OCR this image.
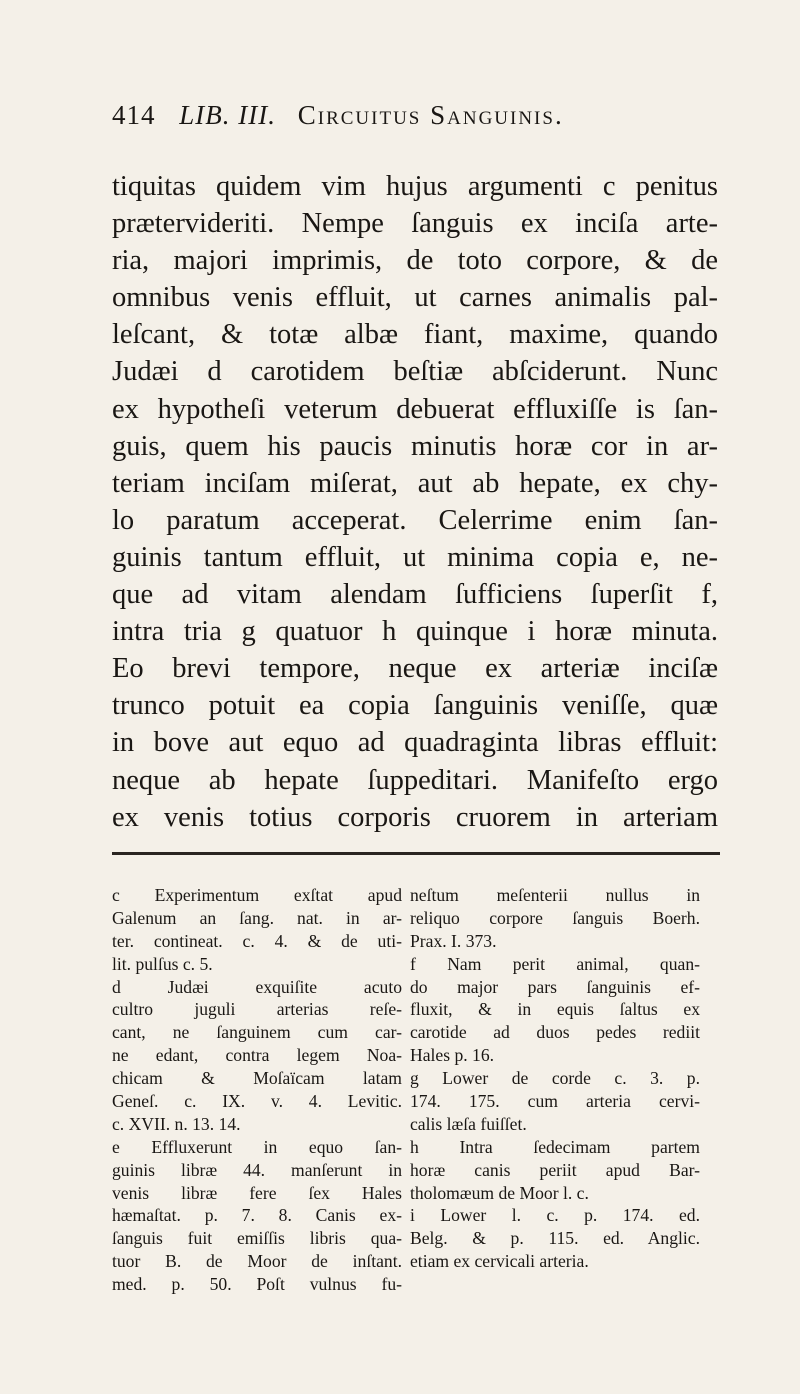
414 LIB. III. Circuitus Sanguinis.
tiquitas quidem vim hujus argumenti c penitus
prætervideriti. Nempe ſanguis ex inciſa arte-
ria, majori imprimis, de toto corpore, & de
omnibus venis effluit, ut carnes animalis pal-
leſcant, & totæ albæ fiant, maxime, quando
Judæi d carotidem beſtiæ abſciderunt. Nunc
ex hypotheſi veterum debuerat effluxiſſe is ſan-
guis, quem his paucis minutis horæ cor in ar-
teriam inciſam miſerat, aut ab hepate, ex chy-
lo paratum acceperat. Celerrime enim ſan-
guinis tantum effluit, ut minima copia e, ne-
que ad vitam alendam ſufficiens ſuperſit f,
intra tria g quatuor h quinque i horæ minuta.
Eo brevi tempore, neque ex arteriæ inciſæ
trunco potuit ea copia ſanguinis veniſſe, quæ
in bove aut equo ad quadraginta libras effluit:
neque ab hepate ſuppeditari. Manifeſto ergo
ex venis totius corporis cruorem in arteriam
c Experimentum exſtat apud
Galenum an ſang. nat. in ar-
ter. contineat. c. 4. & de uti-
lit. pulſus c. 5.
d Judæi exquiſite acuto
cultro juguli arterias reſe-
cant, ne ſanguinem cum car-
ne edant, contra legem Noa-
chicam & Moſaïcam latam
Geneſ. c. IX. v. 4. Levitic.
c. XVII. n. 13. 14.
e Effluxerunt in equo ſan-
guinis libræ 44. manſerunt in
venis libræ fere ſex Hales
hæmaſtat. p. 7. 8. Canis ex-
ſanguis fuit emiſſis libris qua-
tuor B. de Moor de inſtant.
med. p. 50. Poſt vulnus fu-
neſtum meſenterii nullus in
reliquo corpore ſanguis Boerh.
Prax. I. 373.
f Nam perit animal, quan-
do major pars ſanguinis ef-
fluxit, & in equis ſaltus ex
carotide ad duos pedes rediit
Hales p. 16.
g Lower de corde c. 3. p.
174. 175. cum arteria cervi-
calis læſa fuiſſet.
h Intra ſedecimam partem
horæ canis periit apud Bar-
tholomæum de Moor l. c.
i Lower l. c. p. 174. ed.
Belg. & p. 115. ed. Anglic.
etiam ex cervicali arteria.
